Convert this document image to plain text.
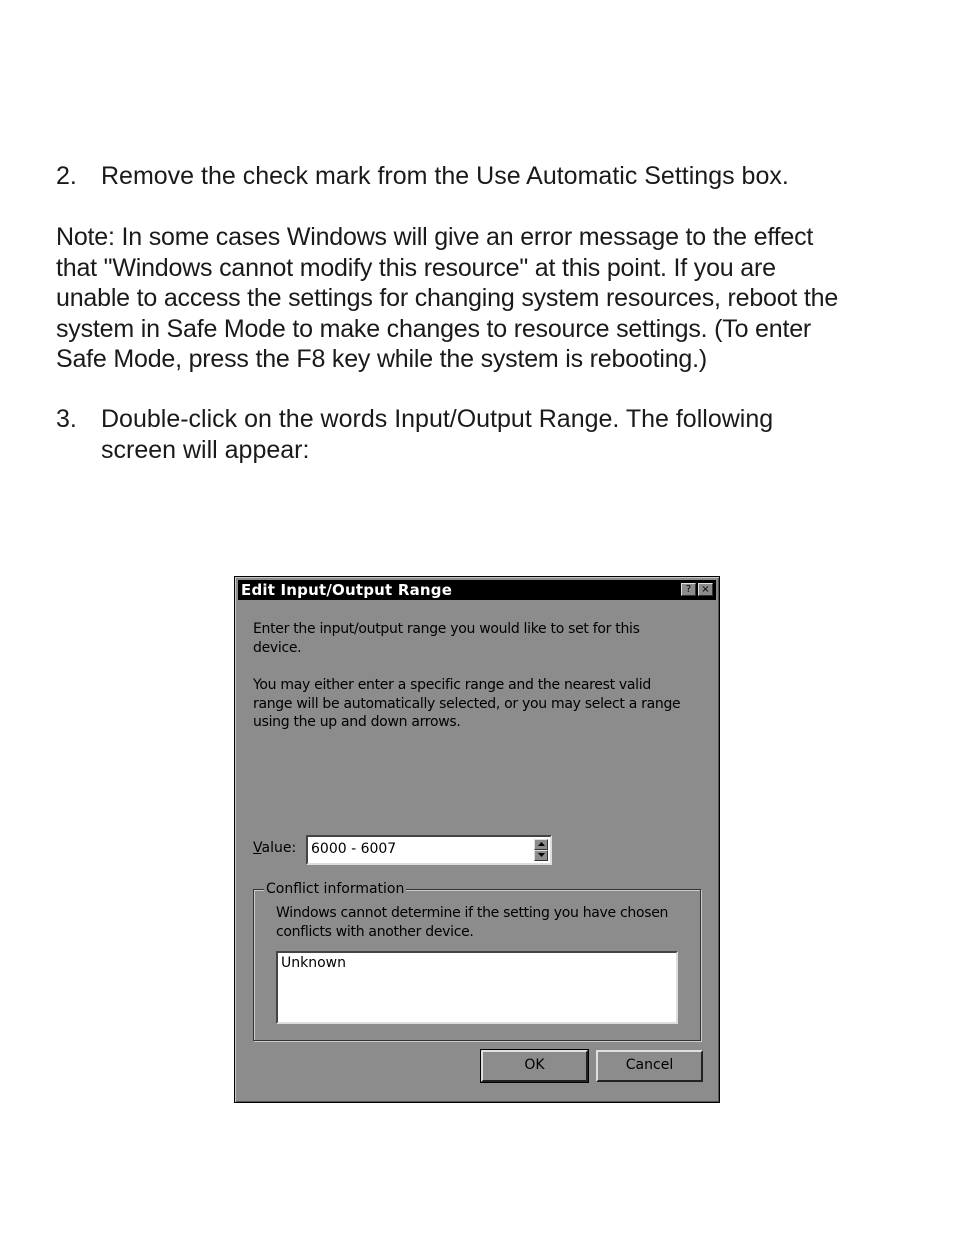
2. Remove the check mark from the Use Automatic Settings box.
Note: In some cases Windows will give an error message to the effect
that "Windows cannot modify this resource" at this point. If you are
unable to access the settings for changing system resources, reboot the
system in Safe Mode to make changes to resource settings. (To enter
Safe Mode, press the F8 key while the system is rebooting.)
3. Double-click on the words Input/Output Range. The following
screen will appear:
Edit Input/Output Range	?	×
Enter the input/output range you would like to set for this
device.
You may either enter a specific range and the nearest valid
range will be automatically selected, or you may select a range
using the up and down arrows.
Value: 6000 - 6007
Conflict information
Windows cannot determine if the setting you have chosen
conflicts with another device.
Unknown
OK	Cancel
